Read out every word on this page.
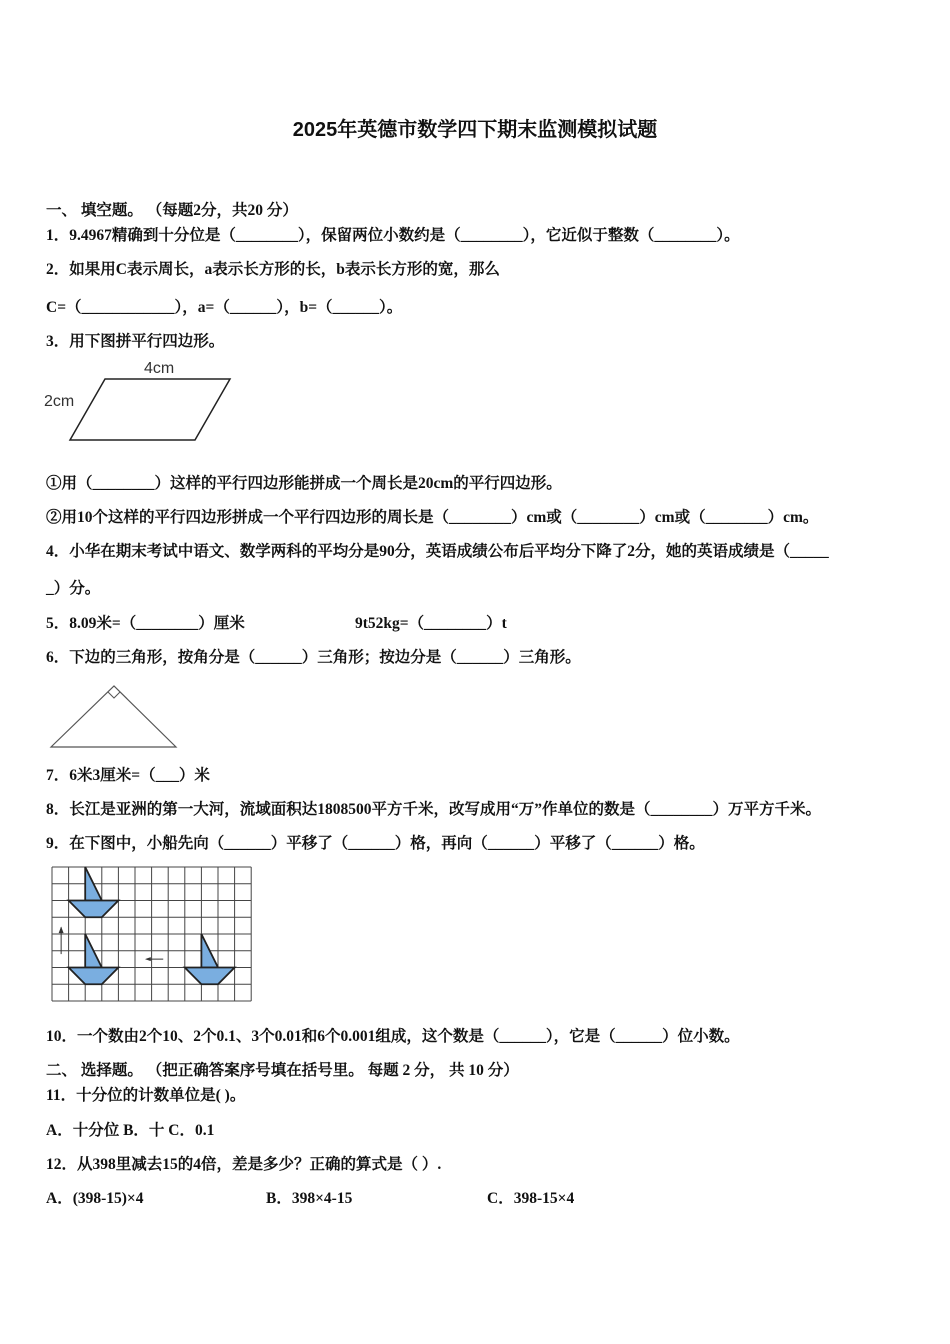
2025年英德市数学四下期末监测模拟试题
一、 填空题。 （每题2分，共20 分）
1．9.4967精确到十分位是（________），保留两位小数约是（________），它近似于整数（________）。
2．如果用C表示周长，a表示长方形的长，b表示长方形的宽，那么
C=（____________），a=（______），b=（______）。
3．用下图拼平行四边形。
4cm
2cm
①用（________）这样的平行四边形能拼成一个周长是20cm的平行四边形。
②用10个这样的平行四边形拼成一个平行四边形的周长是（________）cm或（________）cm或（________）cm。
4．小华在期末考试中语文、数学两科的平均分是90分，英语成绩公布后平均分下降了2分，她的英语成绩是（_____
_）分。
5．8.09米=（________）厘米	9t52kg=（________）t
6．下边的三角形，按角分是（______）三角形；按边分是（______）三角形。
7．6米3厘米=（___）米
8．长江是亚洲的第一大河，流域面积达1808500平方千米，改写成用“万”作单位的数是（________）万平方千米。
9．在下图中，小船先向（______）平移了（______）格，再向（______）平移了（______）格。
10．一个数由2个10、2个0.1、3个0.01和6个0.001组成，这个数是（______），它是（______）位小数。
二、 选择题。 （把正确答案序号填在括号里。 每题 2 分， 共 10 分）
11．十分位的计数单位是( )。
A．十分位 B．十 C．0.1
12．从398里减去15的4倍，差是多少？正确的算式是（ ）.
A．(398-15)×4	B．398×4-15	C．398-15×4
